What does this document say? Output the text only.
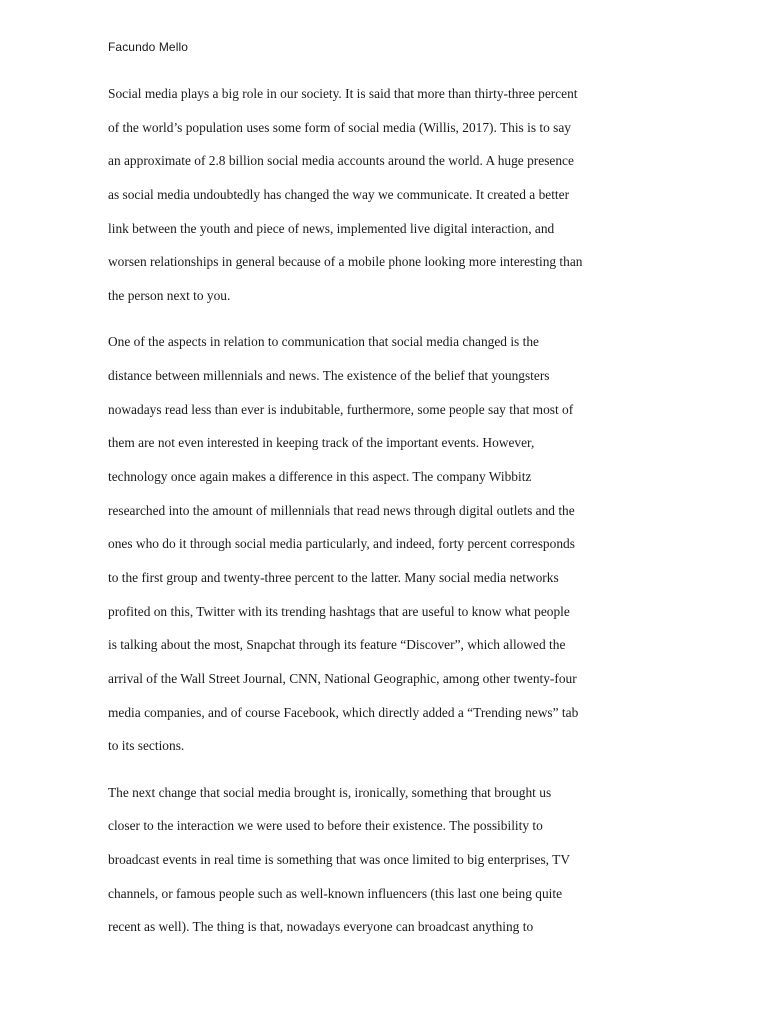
Facundo Mello

Social media plays a big role in our society. It is said that more than thirty-three percent
of the world’s population uses some form of social media (Willis, 2017). This is to say
an approximate of 2.8 billion social media accounts around the world. A huge presence
as social media undoubtedly has changed the way we communicate. It created a better
link between the youth and piece of news, implemented live digital interaction, and
worsen relationships in general because of a mobile phone looking more interesting than
the person next to you.

One of the aspects in relation to communication that social media changed is the
distance between millennials and news. The existence of the belief that youngsters
nowadays read less than ever is indubitable, furthermore, some people say that most of
them are not even interested in keeping track of the important events. However,
technology once again makes a difference in this aspect. The company Wibbitz
researched into the amount of millennials that read news through digital outlets and the
ones who do it through social media particularly, and indeed, forty percent corresponds
to the first group and twenty-three percent to the latter. Many social media networks
profited on this, Twitter with its trending hashtags that are useful to know what people
is talking about the most, Snapchat through its feature “Discover”, which allowed the
arrival of the Wall Street Journal, CNN, National Geographic, among other twenty-four
media companies, and of course Facebook, which directly added a “Trending news” tab
to its sections.

The next change that social media brought is, ironically, something that brought us
closer to the interaction we were used to before their existence. The possibility to
broadcast events in real time is something that was once limited to big enterprises, TV
channels, or famous people such as well-known influencers (this last one being quite
recent as well). The thing is that, nowadays everyone can broadcast anything to
